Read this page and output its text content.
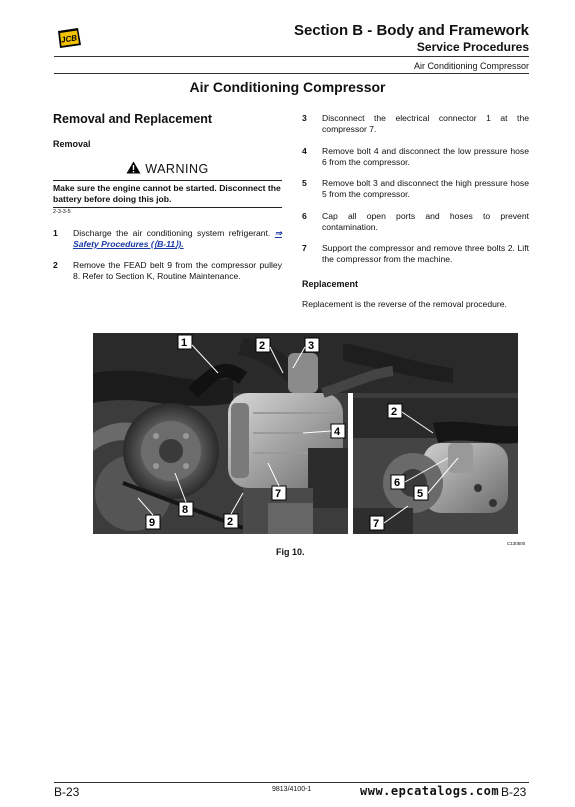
JCB	Section B - Body and Framework
Service Procedures
Air Conditioning Compressor
Air Conditioning Compressor
Removal and Replacement
Removal
WARNING
Make sure the engine cannot be started. Disconnect the battery before doing this job.
2-3-3-5
1 Discharge the air conditioning system refrigerant. ⇒ Safety Procedures (⟨B-11⟩).
2 Remove the FEAD belt 9 from the compressor pulley 8. Refer to Section K, Routine Maintenance.
3 Disconnect the electrical connector 1 at the compressor 7.
4 Remove bolt 4 and disconnect the low pressure hose 6 from the compressor.
5 Remove bolt 3 and disconnect the high pressure hose 5 from the compressor.
6 Cap all open ports and hoses to prevent contamination.
7 Support the compressor and remove three bolts 2. Lift the compressor from the machine.
Replacement
Replacement is the reverse of the removal procedure.
1	2	3
4
7
8
9	2
2
6
5
7
C130500
Fig 10.
B-23	9813/4100-1	www.epcatalogs.com B-23
